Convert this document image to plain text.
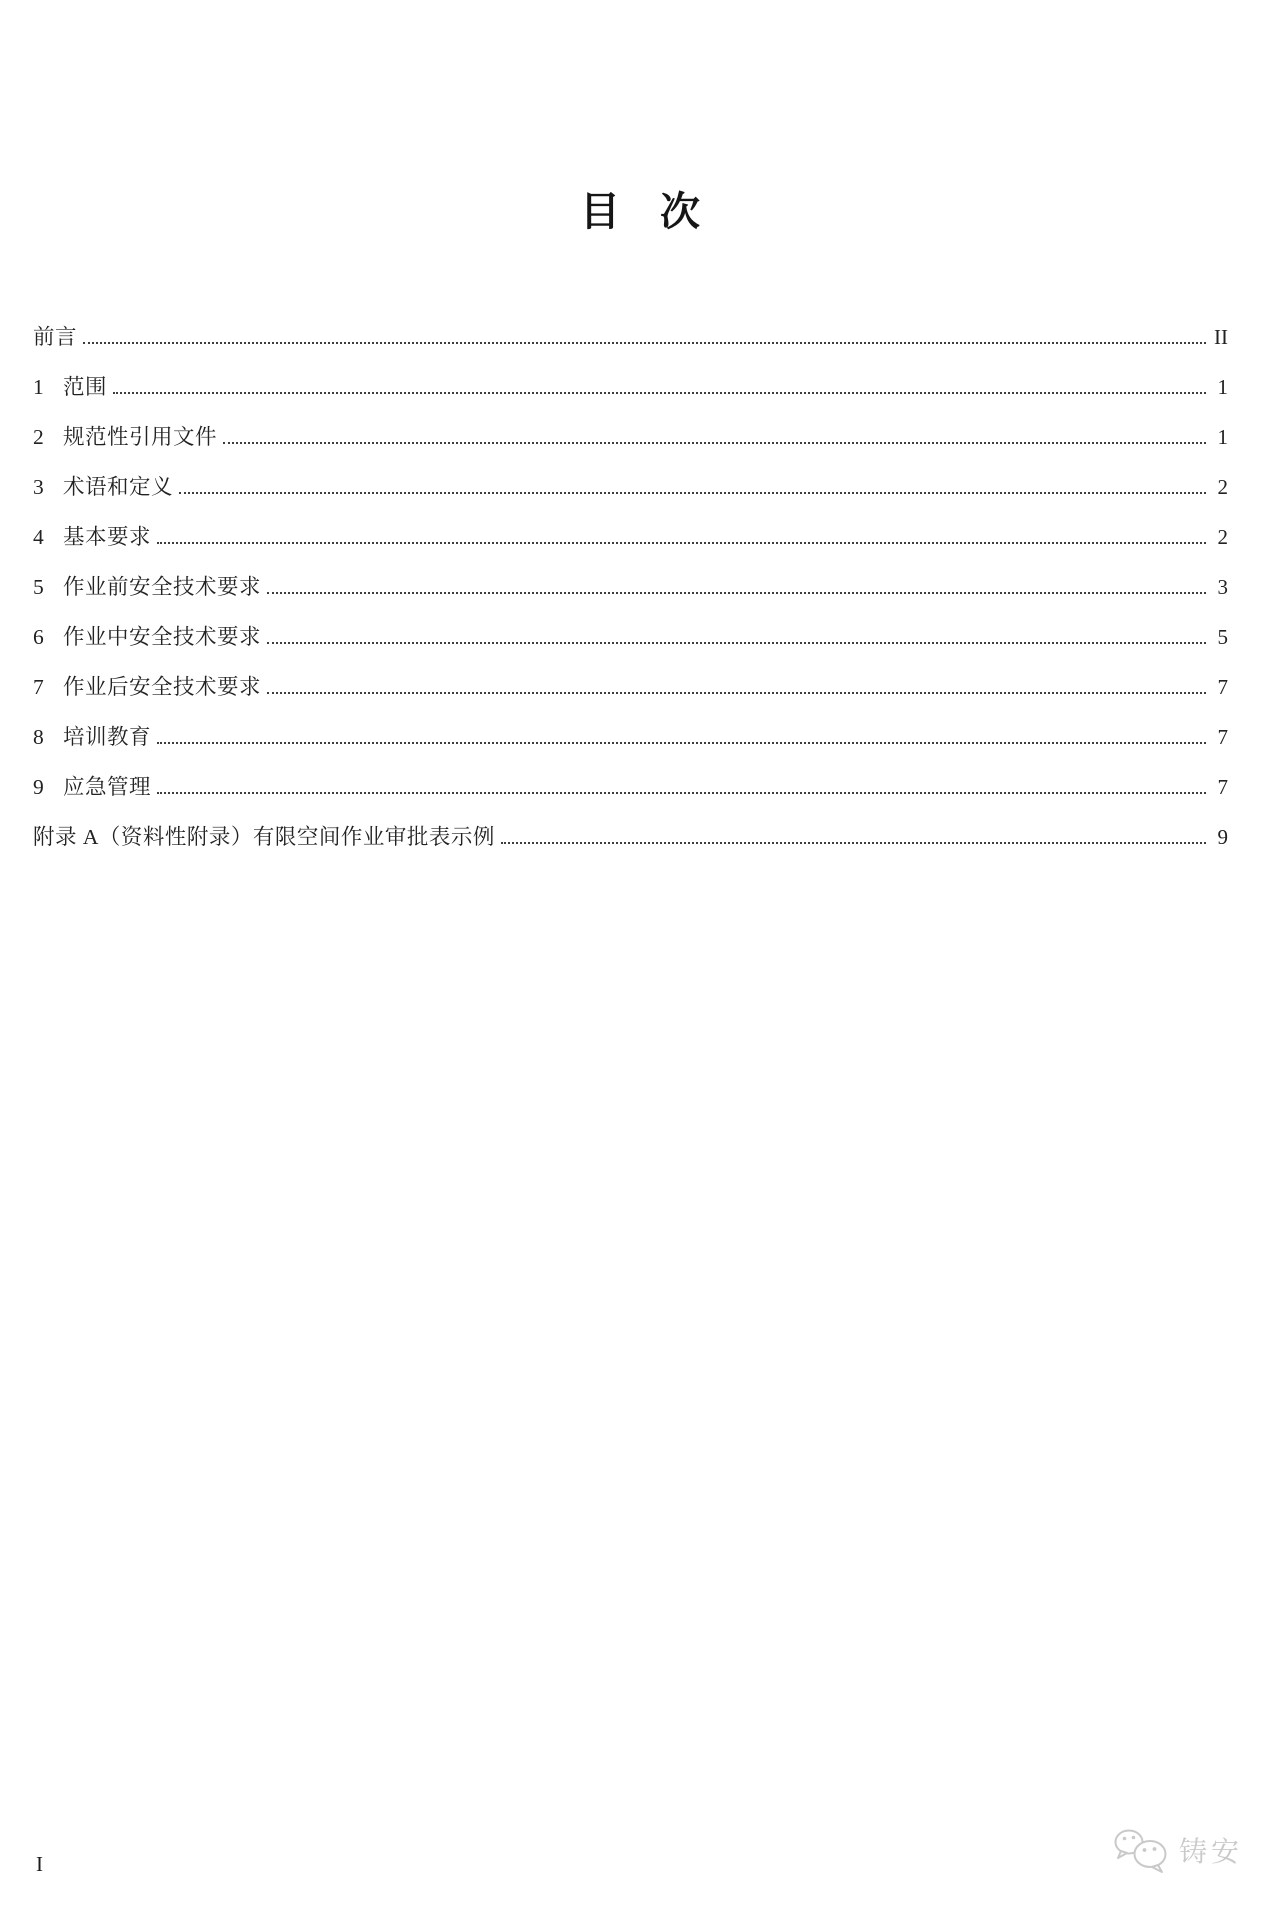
目　次
前言	II
1 范围	1
2 规范性引用文件	1
3 术语和定义	2
4 基本要求	2
5 作业前安全技术要求	3
6 作业中安全技术要求	5
7 作业后安全技术要求	7
8 培训教育	7
9 应急管理	7
附录 A（资料性附录）有限空间作业审批表示例	9
I	铸安
